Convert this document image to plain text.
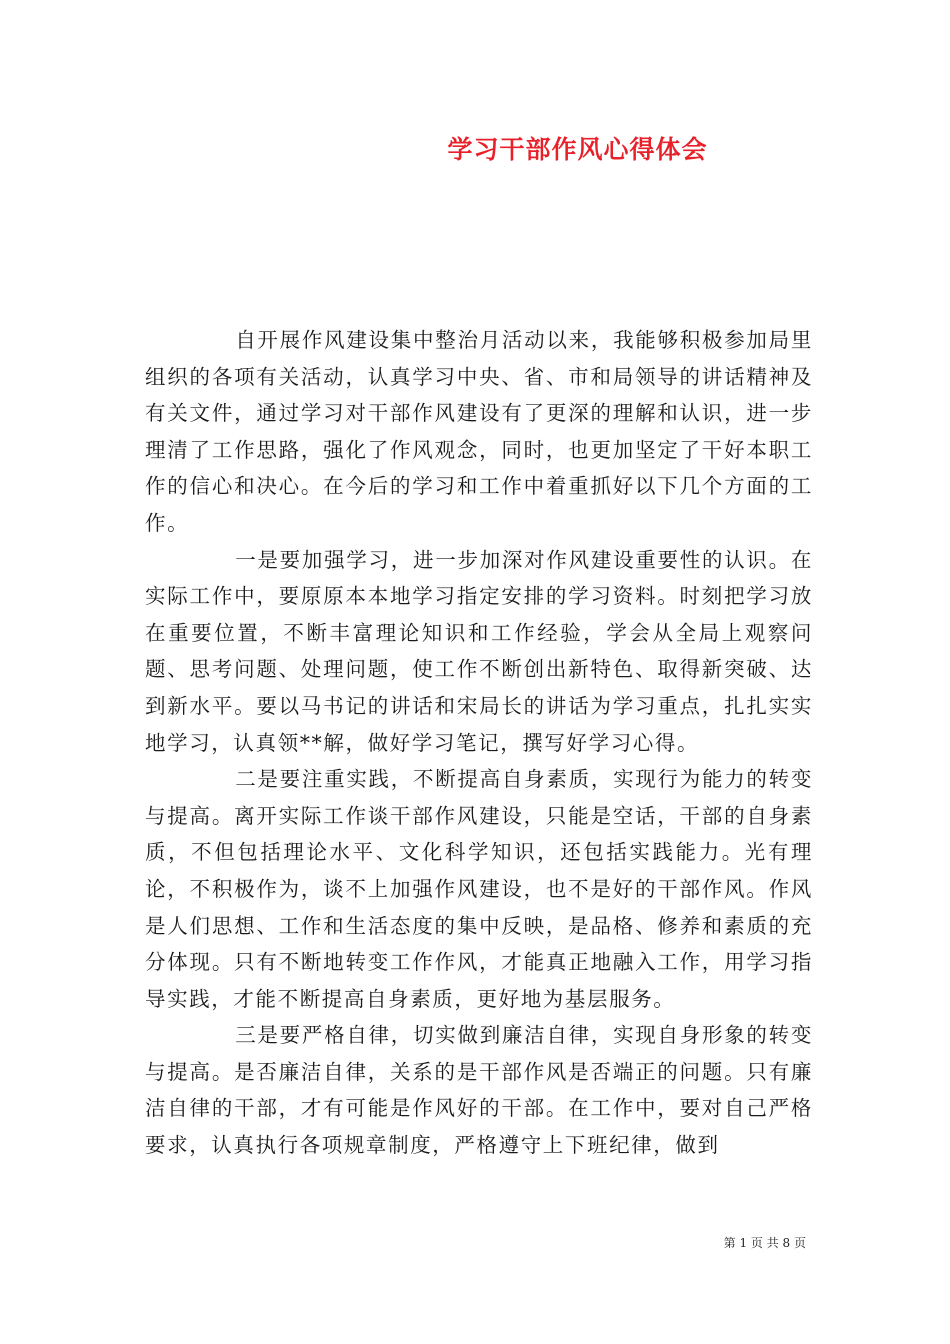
学习干部作风心得体会

自开展作风建设集中整治月活动以来，我能够积极参加局里组织的各项有关活动，认真学习中央、省、市和局领导的讲话精神及有关文件，通过学习对干部作风建设有了更深的理解和认识，进一步理清了工作思路，强化了作风观念，同时，也更加坚定了干好本职工作的信心和决心。在今后的学习和工作中着重抓好以下几个方面的工作。

一是要加强学习，进一步加深对作风建设重要性的认识。在实际工作中，要原原本本地学习指定安排的学习资料。时刻把学习放在重要位置，不断丰富理论知识和工作经验，学会从全局上观察问题、思考问题、处理问题，使工作不断创出新特色、取得新突破、达到新水平。要以马书记的讲话和宋局长的讲话为学习重点，扎扎实实地学习，认真领**解，做好学习笔记，撰写好学习心得。

二是要注重实践，不断提高自身素质，实现行为能力的转变与提高。离开实际工作谈干部作风建设，只能是空话，干部的自身素质，不但包括理论水平、文化科学知识，还包括实践能力。光有理论，不积极作为，谈不上加强作风建设，也不是好的干部作风。作风是人们思想、工作和生活态度的集中反映，是品格、修养和素质的充分体现。只有不断地转变工作作风，才能真正地融入工作，用学习指导实践，才能不断提高自身素质，更好地为基层服务。

三是要严格自律，切实做到廉洁自律，实现自身形象的转变与提高。是否廉洁自律，关系的是干部作风是否端正的问题。只有廉洁自律的干部，才有可能是作风好的干部。在工作中，要对自己严格要求，认真执行各项规章制度，严格遵守上下班纪律，做到

第 1 页 共 8 页
